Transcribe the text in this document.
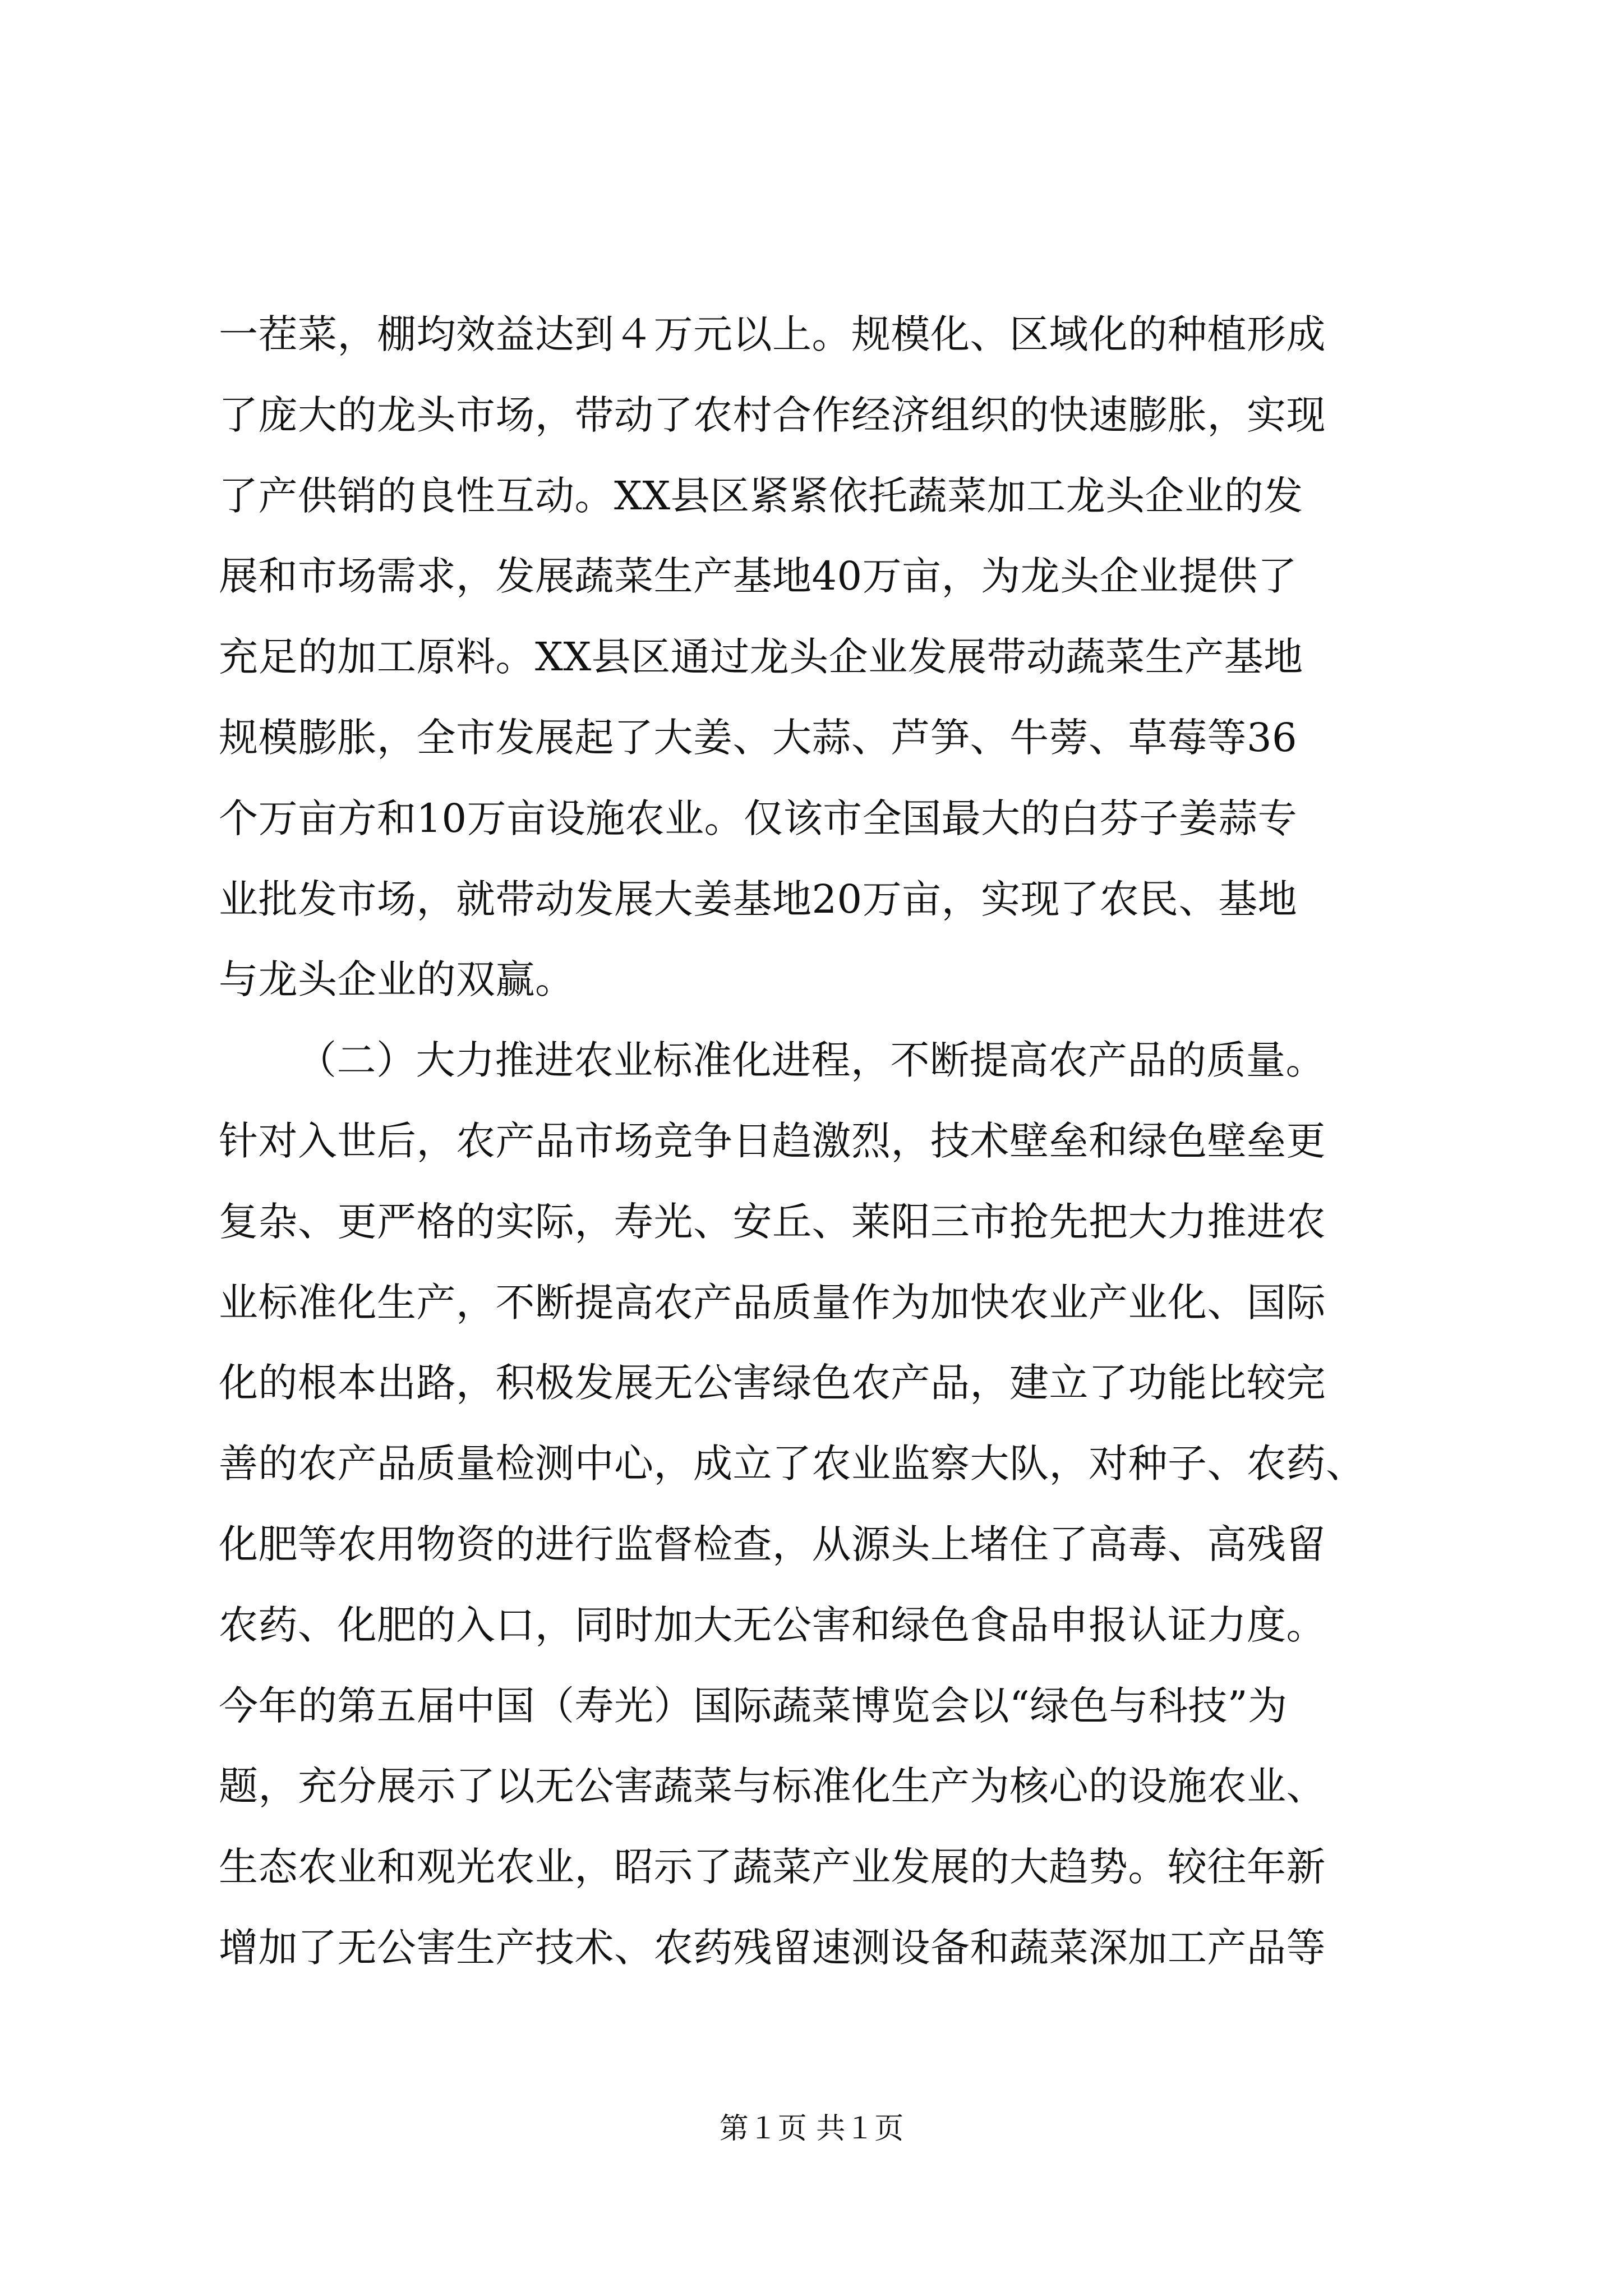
一茬菜，棚均效益达到４万元以上。规模化、区域化的种植形成
了庞大的龙头市场，带动了农村合作经济组织的快速膨胀，实现
了产供销的良性互动。XX县区紧紧依托蔬菜加工龙头企业的发
展和市场需求，发展蔬菜生产基地40万亩，为龙头企业提供了
充足的加工原料。XX县区通过龙头企业发展带动蔬菜生产基地
规模膨胀，全市发展起了大姜、大蒜、芦笋、牛蒡、草莓等36
个万亩方和10万亩设施农业。仅该市全国最大的白芬子姜蒜专
业批发市场，就带动发展大姜基地20万亩，实现了农民、基地
与龙头企业的双赢。
（二）大力推进农业标准化进程，不断提高农产品的质量。
针对入世后，农产品市场竞争日趋激烈，技术壁垒和绿色壁垒更
复杂、更严格的实际，寿光、安丘、莱阳三市抢先把大力推进农
业标准化生产，不断提高农产品质量作为加快农业产业化、国际
化的根本出路，积极发展无公害绿色农产品，建立了功能比较完
善的农产品质量检测中心，成立了农业监察大队，对种子、农药、
化肥等农用物资的进行监督检查，从源头上堵住了高毒、高残留
农药、化肥的入口，同时加大无公害和绿色食品申报认证力度。
今年的第五届中国（寿光）国际蔬菜博览会以“绿色与科技”为
题，充分展示了以无公害蔬菜与标准化生产为核心的设施农业、
生态农业和观光农业，昭示了蔬菜产业发展的大趋势。较往年新
增加了无公害生产技术、农药残留速测设备和蔬菜深加工产品等
第１页 共１页
